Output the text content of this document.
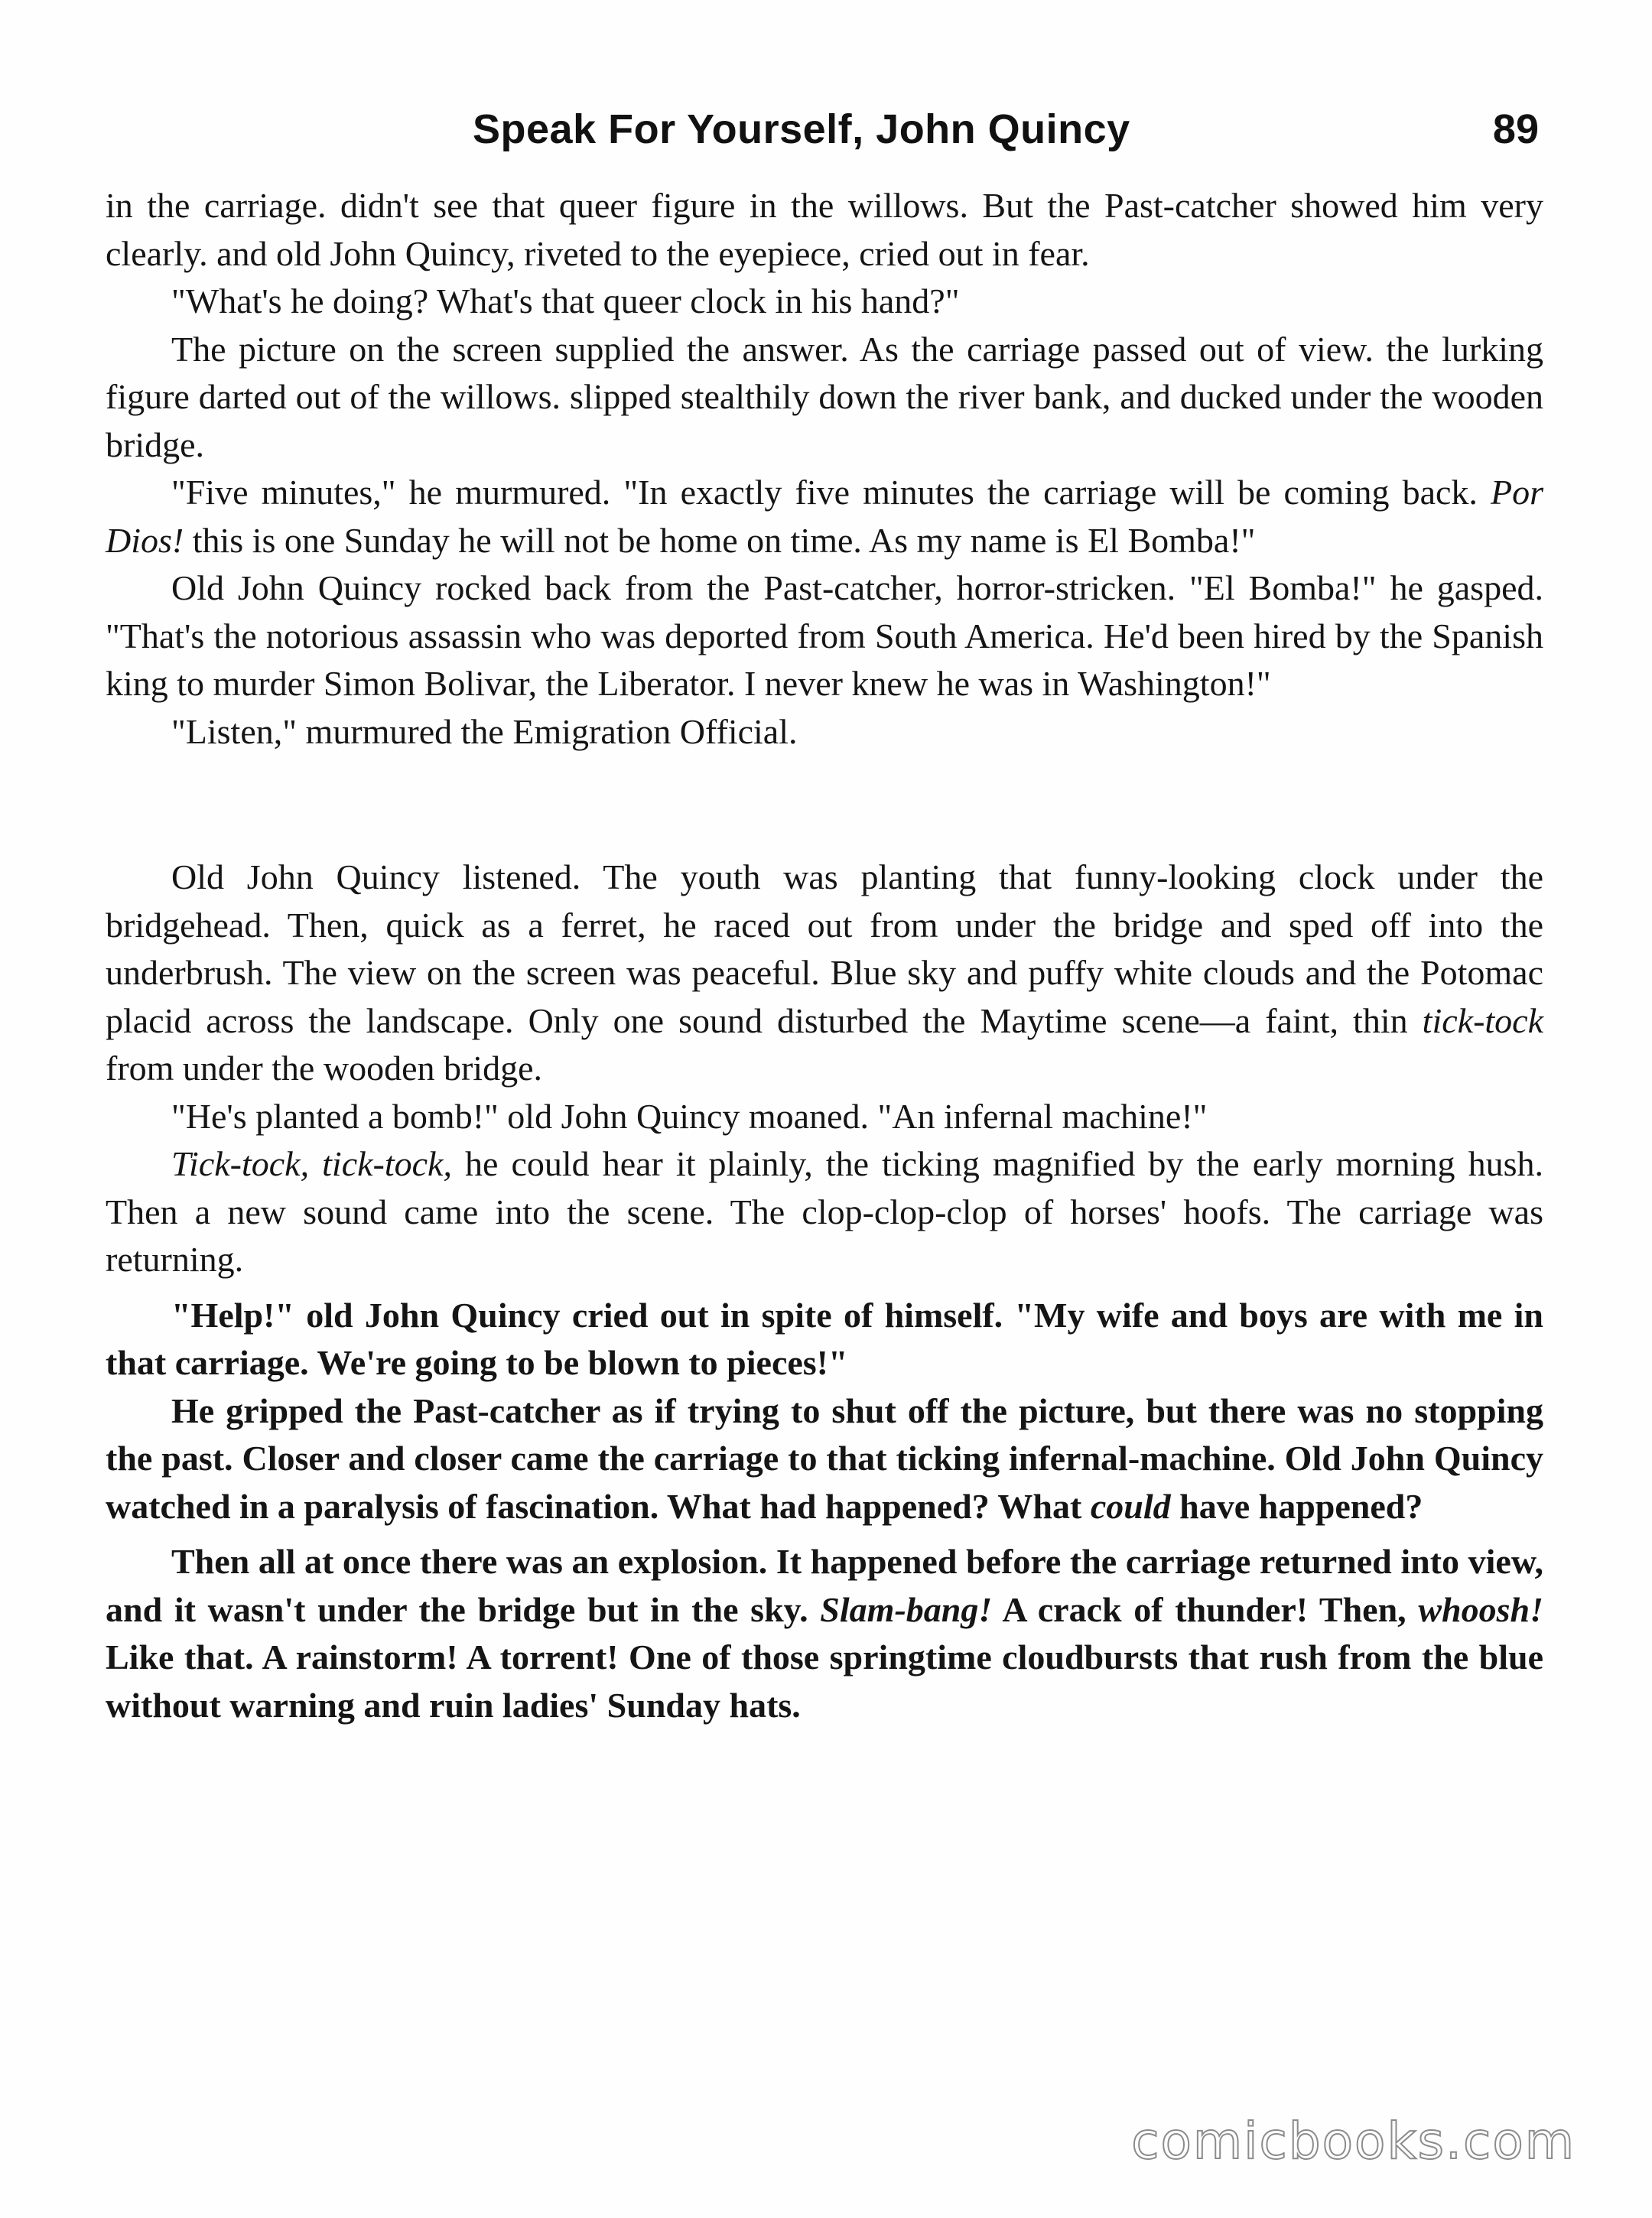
Speak For Yourself, John Quincy	89

in the carriage. didn't see that queer figure in the willows. But the Past-catcher showed him very clearly. and old John Quincy, riveted to the eyepiece, cried out in fear.

"What's he doing? What's that queer clock in his hand?"

The picture on the screen supplied the answer. As the carriage passed out of view. the lurking figure darted out of the willows. slipped stealthily down the river bank, and ducked under the wooden bridge.

"Five minutes," he murmured. "In exactly five minutes the carriage will be coming back. Por Dios! this is one Sunday he will not be home on time. As my name is El Bomba!"

Old John Quincy rocked back from the Past-catcher, horror-stricken. "El Bomba!" he gasped. "That's the notorious assassin who was deported from South America. He'd been hired by the Spanish king to murder Simon Bolivar, the Liberator. I never knew he was in Washington!"

"Listen," murmured the Emigration Official.

Old John Quincy listened. The youth was planting that funny-looking clock under the bridgehead. Then, quick as a ferret, he raced out from under the bridge and sped off into the underbrush. The view on the screen was peaceful. Blue sky and puffy white clouds and the Potomac placid across the landscape. Only one sound disturbed the Maytime scene—a faint, thin tick-tock from under the wooden bridge.

"He's planted a bomb!" old John Quincy moaned. "An infernal machine!"

Tick-tock, tick-tock, he could hear it plainly, the ticking magnified by the early morning hush. Then a new sound came into the scene. The clop-clop-clop of horses' hoofs. The carriage was returning.

"Help!" old John Quincy cried out in spite of himself. "My wife and boys are with me in that carriage. We're going to be blown to pieces!"

He gripped the Past-catcher as if trying to shut off the picture, but there was no stopping the past. Closer and closer came the carriage to that ticking infernal-machine. Old John Quincy watched in a paralysis of fascination. What had happened? What could have happened?

Then all at once there was an explosion. It happened before the carriage returned into view, and it wasn't under the bridge but in the sky. Slam-bang! A crack of thunder! Then, whoosh! Like that. A rainstorm! A torrent! One of those springtime cloudbursts that rush from the blue without warning and ruin ladies' Sunday hats.

comicbooks.com
